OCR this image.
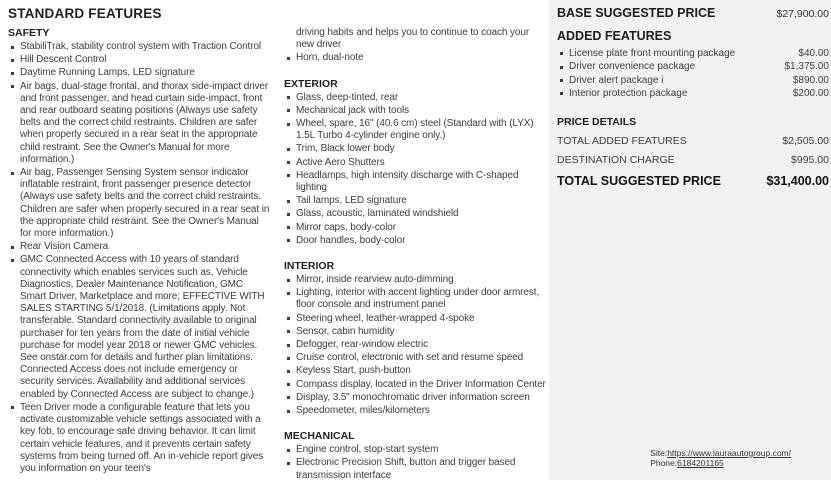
STANDARD FEATURES
SAFETY
StabiliTrak, stability control system with Traction Control
Hill Descent Control
Daytime Running Lamps, LED signature
Air bags, dual-stage frontal, and thorax side-impact driver and front passenger, and head curtain side-impact, front and rear outboard seating positions (Always use safety belts and the correct child restraints. Children are safer when properly secured in a rear seat in the appropriate child restraint. See the Owner's Manual for more information.)
Air bag, Passenger Sensing System sensor indicator inflatable restraint, front passenger presence detector (Always use safety belts and the correct child restraints. Children are safer when properly secured in a rear seat in the appropriate child restraint. See the Owner's Manual for more information.)
Rear Vision Camera
GMC Connected Access with 10 years of standard connectivity which enables services such as, Vehicle Diagnostics, Dealer Maintenance Notification, GMC Smart Driver, Marketplace and more; EFFECTIVE WITH SALES STARTING 5/1/2018. (Limitations apply. Not transferable. Standard connectivity available to original purchaser for ten years from the date of initial vehicle purchase for model year 2018 or newer GMC vehicles. See onstar.com for details and further plan limitations. Connected Access does not include emergency or security services. Availability and additional services enabled by Connected Access are subject to change.)
Teen Driver mode a configurable feature that lets you activate customizable vehicle settings associated with a key fob, to encourage safe driving behavior. It can limit certain vehicle features, and it prevents certain safety systems from being turned off. An in-vehicle report gives you information on your teen's

driving habits and helps you to continue to coach your new driver

Horn, dual-note
EXTERIOR
Glass, deep-tinted, rear
Mechanical jack with tools
Wheel, spare, 16" (40.6 cm) steel (Standard with (LYX) 1.5L Turbo 4-cylinder engine only.)
Trim, Black lower body
Active Aero Shutters
Headlamps, high intensity discharge with C-shaped lighting
Tail lamps, LED signature
Glass, acoustic, laminated windshield
Mirror caps, body-color
Door handles, body-color
INTERIOR
Mirror, inside rearview auto-dimming
Lighting, interior with accent lighting under door armrest, floor console and instrument panel
Steering wheel, leather-wrapped 4-spoke
Sensor, cabin humidity
Defogger, rear-window electric
Cruise control, electronic with set and resume speed
Keyless Start, push-button
Compass display, located in the Driver Information Center
Display, 3.5" monochromatic driver information screen
Speedometer, miles/kilometers
MECHANICAL
Engine control, stop-start system
Electronic Precision Shift, button and trigger based transmission interface
BASE SUGGESTED PRICE	$27,900.00
ADDED FEATURES
License plate front mounting package	$40.00
Driver convenience package	$1,375.00
Driver alert package i	$890.00
Interior protection package	$200.00
PRICE DETAILS
TOTAL ADDED FEATURES	$2,505.00
DESTINATION CHARGE	$995.00
TOTAL SUGGESTED PRICE	$31,400.00
Site:https://www.lauraautogroup.com/
Phone:6184201165
